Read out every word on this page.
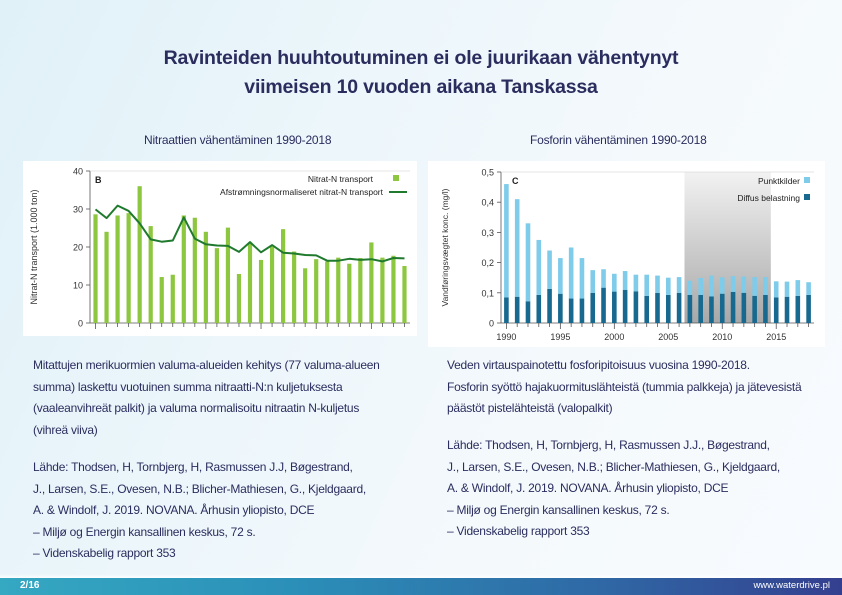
Ravinteiden huuhtoutuminen ei ole juurikaan vähentynyt
viimeisen 10 vuoden aikana Tanskassa
Nitraattien vähentäminen 1990-2018	Fosforin vähentäminen 1990-2018
0
10
20
30
40
B
Nitrat-N transport (1.000 ton)
Nitrat-N transport
Afstrømningsnormaliseret nitrat-N transport
0
0,1
0,2
0,3
0,4
0,5
1990	1995	2000	2005	2010	2015
C
Vandføringsvægtet konc. (mg/l)
Punktkilder
Diffus belastning

Mitattujen merikuormien valuma-alueiden kehitys (77 valuma-alueen

summa) laskettu vuotuinen summa nitraatti-N:n kuljetuksesta

(vaaleanvihreät palkit) ja valuma normalisoitu nitraatin N-kuljetus

(vihreä viiva)

Lähde: Thodsen, H, Tornbjerg, H, Rasmussen J.J, Bøgestrand,

J., Larsen, S.E., Ovesen, N.B.; Blicher-Mathiesen, G., Kjeldgaard,

A. & Windolf, J. 2019. NOVANA. Århusin yliopisto, DCE

– Miljø og Energin kansallinen keskus, 72 s.

– Videnskabelig rapport 353

Veden virtauspainotettu fosforipitoisuus vuosina 1990-2018.

Fosforin syöttö hajakuormituslähteistä (tummia palkkeja) ja jätevesistä

päästöt pistelähteistä (valopalkit)

Lähde: Thodsen, H, Tornbjerg, H, Rasmussen J.J., Bøgestrand,

J., Larsen, S.E., Ovesen, N.B.; Blicher-Mathiesen, G., Kjeldgaard,

A. & Windolf, J. 2019. NOVANA. Århusin yliopisto, DCE

– Miljø og Energin kansallinen keskus, 72 s.

– Videnskabelig rapport 353

2/16	www.waterdrive.pl
